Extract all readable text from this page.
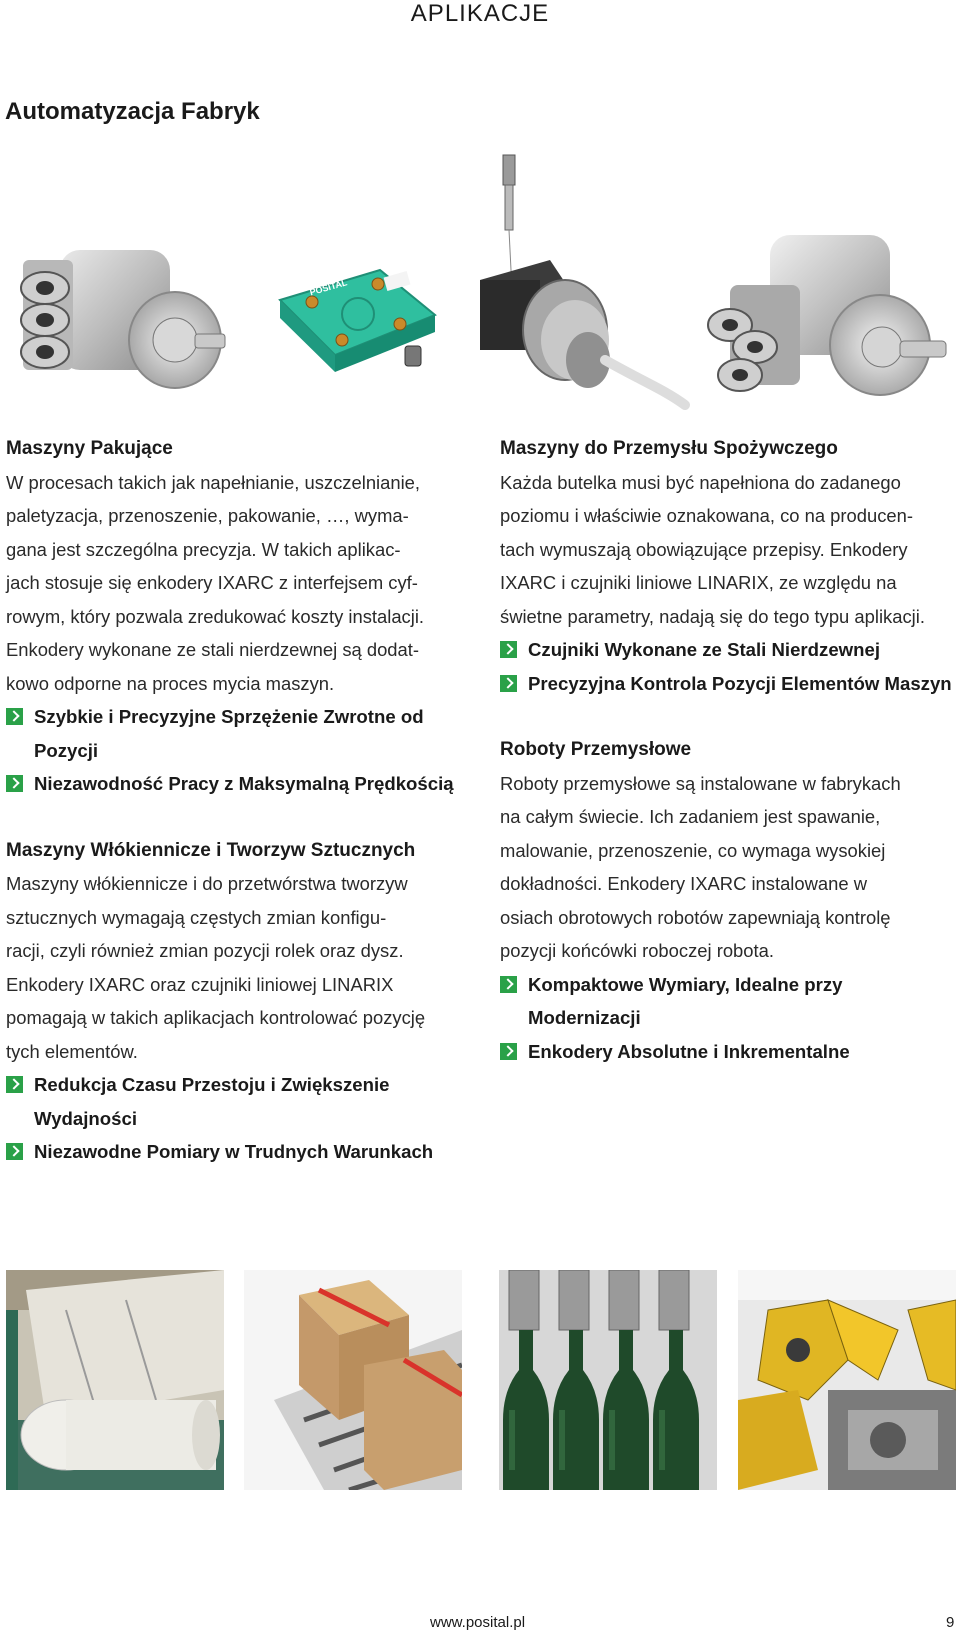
APLIKACJE
Automatyzacja Fabryk
POSITAL
Maszyny Pakujące
W procesach takich jak napełnianie, uszczelnianie,
paletyzacja, przenoszenie, pakowanie, …, wyma-
gana jest szczególna precyzja. W takich aplikac-
jach stosuje się enkodery IXARC z interfejsem cyf-
rowym, który pozwala zredukować koszty instalacji.
Enkodery wykonane ze stali nierdzewnej są dodat-
kowo odporne na proces mycia maszyn.
Szybkie i Precyzyjne Sprzężenie Zwrotne od Pozycji
Niezawodność Pracy z Maksymalną Prędkością
Maszyny Włókiennicze i Tworzyw Sztucznych
Maszyny włókiennicze i do przetwórstwa tworzyw
sztucznych wymagają częstych zmian konfigu-
racji, czyli również zmian pozycji rolek oraz dysz.
Enkodery IXARC oraz czujniki liniowej LINARIX
pomagają w takich aplikacjach kontrolować pozycję
tych elementów.
Redukcja Czasu Przestoju i Zwiększenie Wydajności
Niezawodne Pomiary w Trudnych Warunkach
Maszyny do Przemysłu Spożywczego
Każda butelka musi być napełniona do zadanego
poziomu i właściwie oznakowana, co na producen-
tach wymuszają obowiązujące przepisy. Enkodery
IXARC i czujniki liniowe LINARIX, ze względu na
świetne parametry, nadają się do tego typu aplikacji.
Czujniki Wykonane ze Stali Nierdzewnej
Precyzyjna Kontrola Pozycji Elementów Maszyn
Roboty Przemysłowe
Roboty przemysłowe są instalowane w fabrykach
na całym świecie. Ich zadaniem jest spawanie,
malowanie, przenoszenie, co wymaga wysokiej
dokładności. Enkodery IXARC instalowane w
osiach obrotowych robotów zapewniają kontrolę
pozycji końcówki roboczej robota.
Kompaktowe Wymiary, Idealne przy Modernizacji
Enkodery Absolutne i Inkrementalne
www.posital.pl	9
